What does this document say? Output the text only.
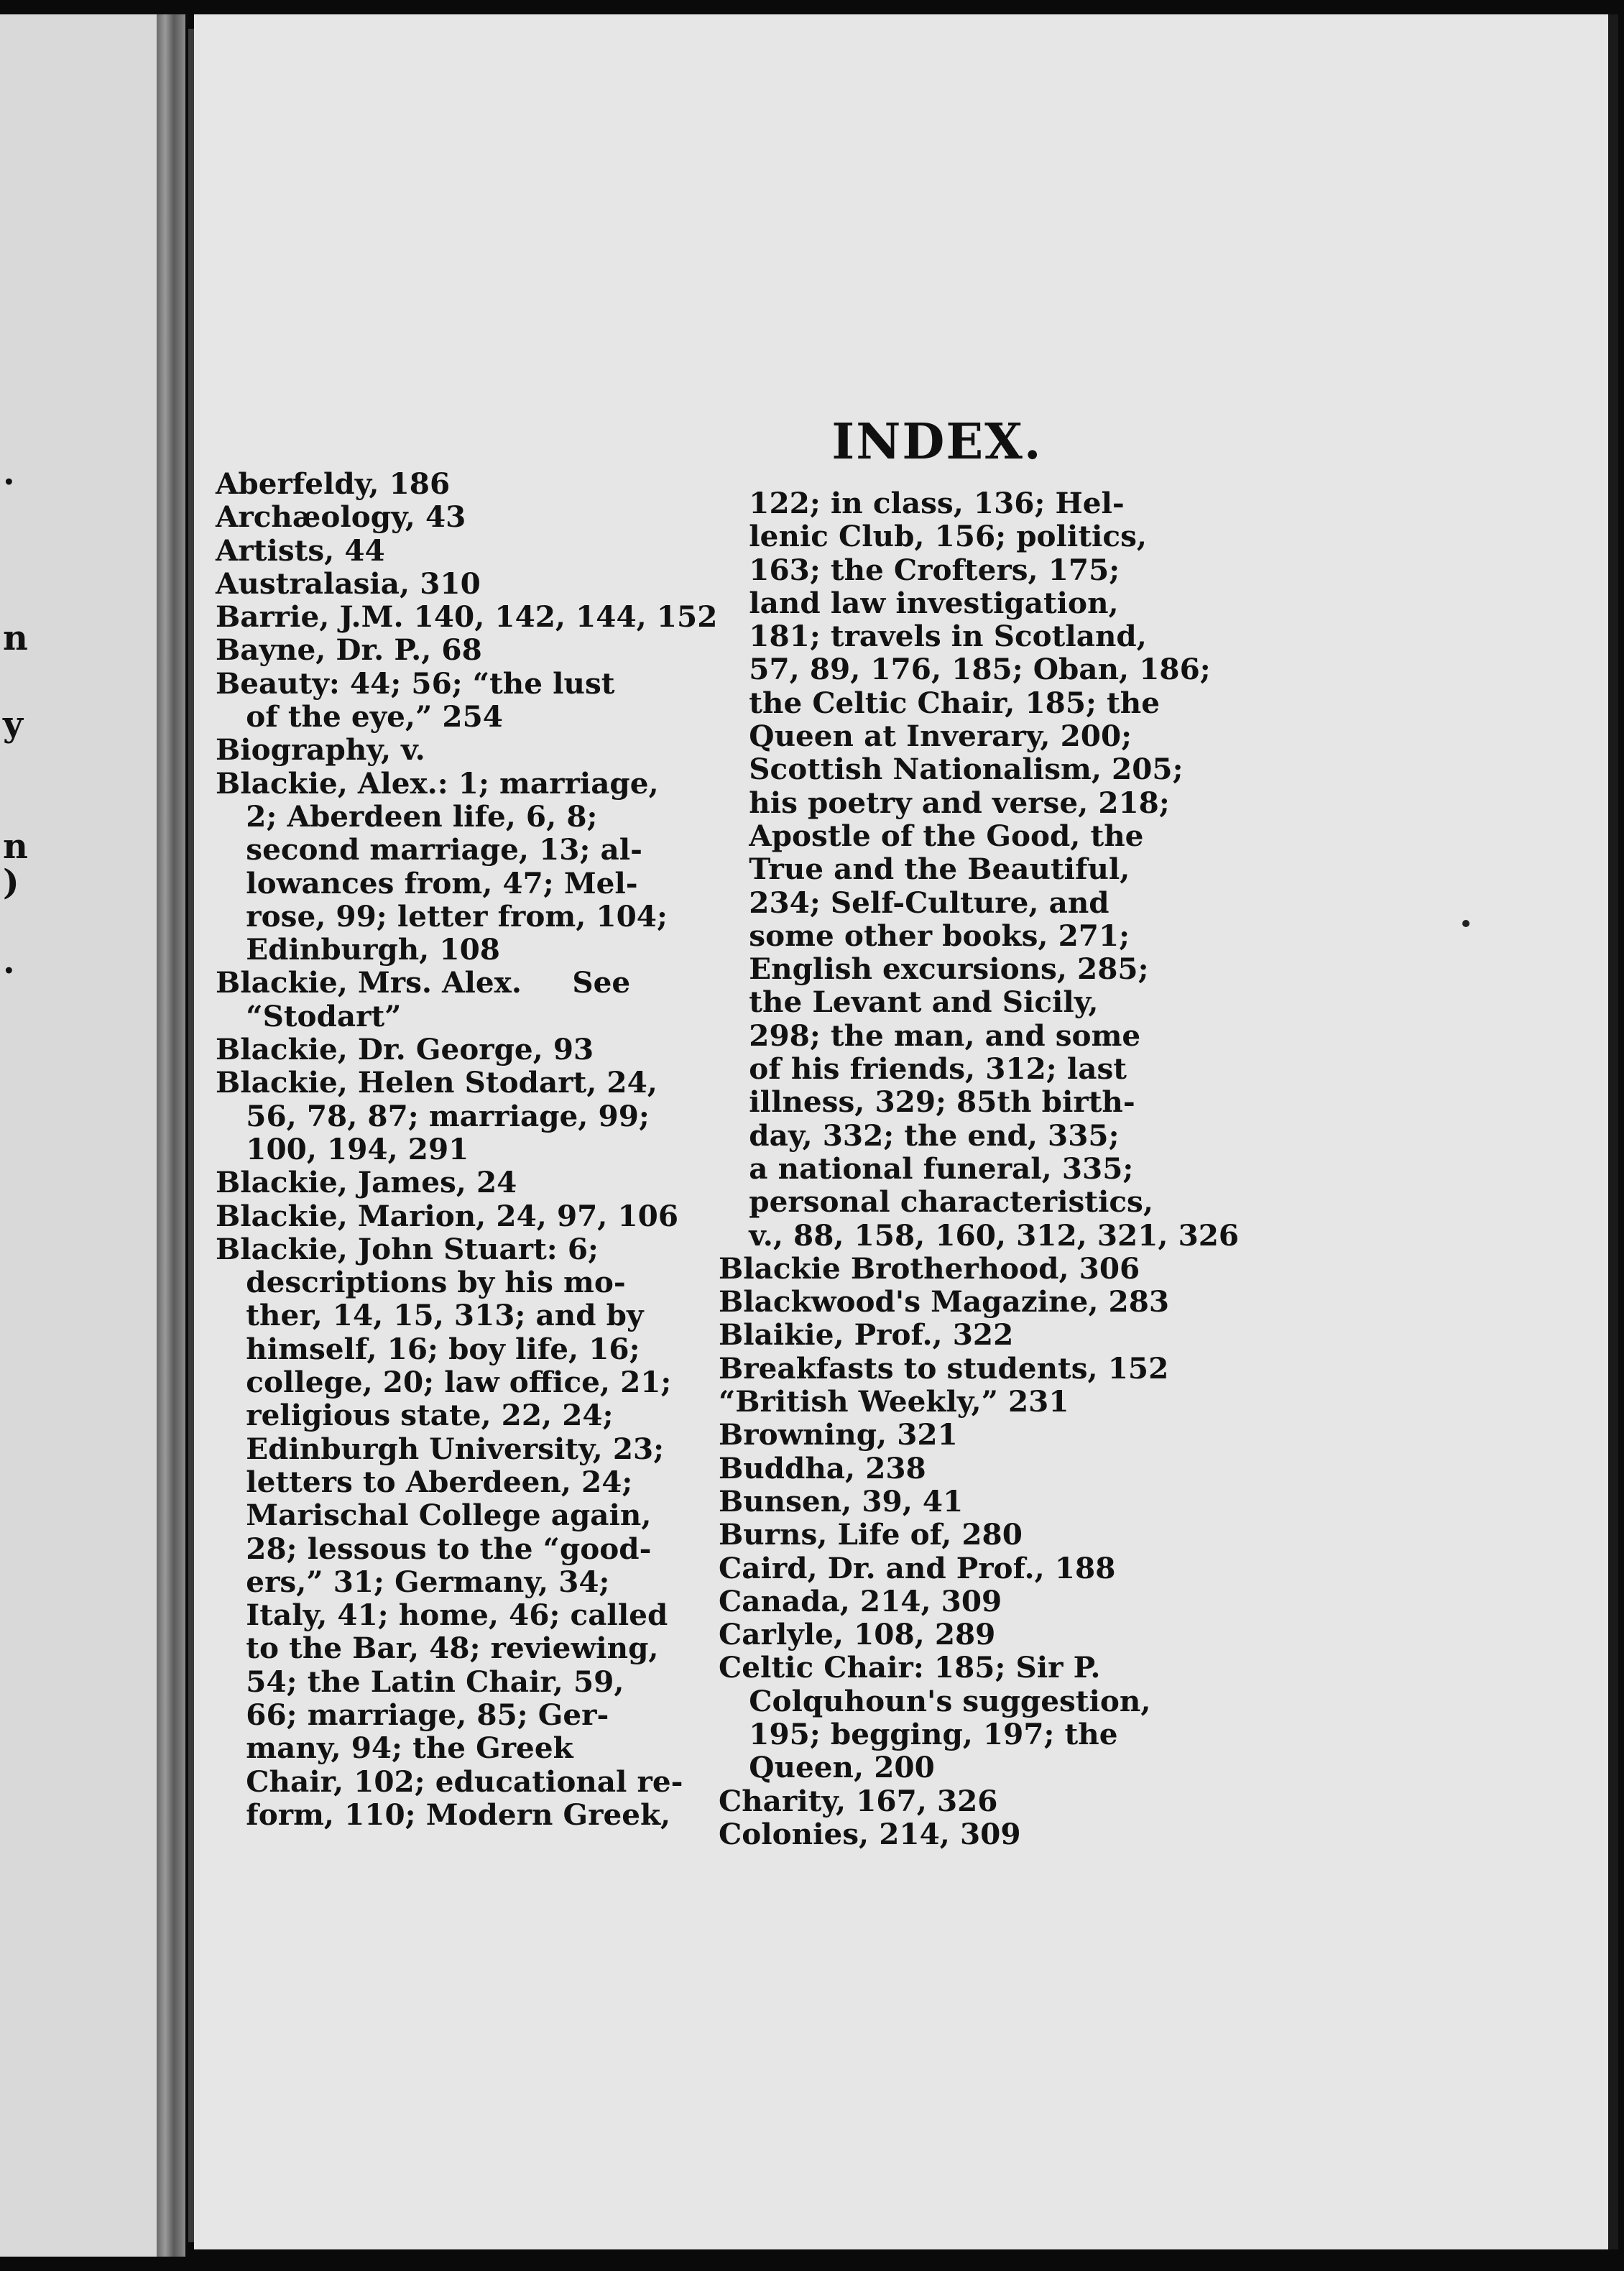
.
n
y
n
)
.
INDEX.
Aberfeldy, 186
Archæology, 43
Artists, 44
Australasia, 310
Barrie, J.M. 140, 142, 144, 152
Bayne, Dr. P., 68
Beauty: 44; 56; “the lust
of the eye,” 254
Biography, v.
Blackie, Alex.: 1; marriage,
2; Aberdeen life, 6, 8;
second marriage, 13; al-
lowances from, 47; Mel-
rose, 99; letter from, 104;
Edinburgh, 108
Blackie, Mrs. Alex.     See
“Stodart”
Blackie, Dr. George, 93
Blackie, Helen Stodart, 24,
56, 78, 87; marriage, 99;
100, 194, 291
Blackie, James, 24
Blackie, Marion, 24, 97, 106
Blackie, John Stuart: 6;
descriptions by his mo-
ther, 14, 15, 313; and by
himself, 16; boy life, 16;
college, 20; law office, 21;
religious state, 22, 24;
Edinburgh University, 23;
letters to Aberdeen, 24;
Marischal College again,
28; lessous to the “good-
ers,” 31; Germany, 34;
Italy, 41; home, 46; called
to the Bar, 48; reviewing,
54; the Latin Chair, 59,
66; marriage, 85; Ger-
many, 94; the Greek
Chair, 102; educational re-
form, 110; Modern Greek,
122; in class, 136; Hel-
lenic Club, 156; politics,
163; the Crofters, 175;
land law investigation,
181; travels in Scotland,
57, 89, 176, 185; Oban, 186;
the Celtic Chair, 185; the
Queen at Inverary, 200;
Scottish Nationalism, 205;
his poetry and verse, 218;
Apostle of the Good, the
True and the Beautiful,
234; Self-Culture, and
some other books, 271;
English excursions, 285;
the Levant and Sicily,
298; the man, and some
of his friends, 312; last
illness, 329; 85th birth-
day, 332; the end, 335;
a national funeral, 335;
personal characteristics,
v., 88, 158, 160, 312, 321, 326
Blackie Brotherhood, 306
Blackwood's Magazine, 283
Blaikie, Prof., 322
Breakfasts to students, 152
“British Weekly,” 231
Browning, 321
Buddha, 238
Bunsen, 39, 41
Burns, Life of, 280
Caird, Dr. and Prof., 188
Canada, 214, 309
Carlyle, 108, 289
Celtic Chair: 185; Sir P.
Colquhoun's suggestion,
195; begging, 197; the
Queen, 200
Charity, 167, 326
Colonies, 214, 309
